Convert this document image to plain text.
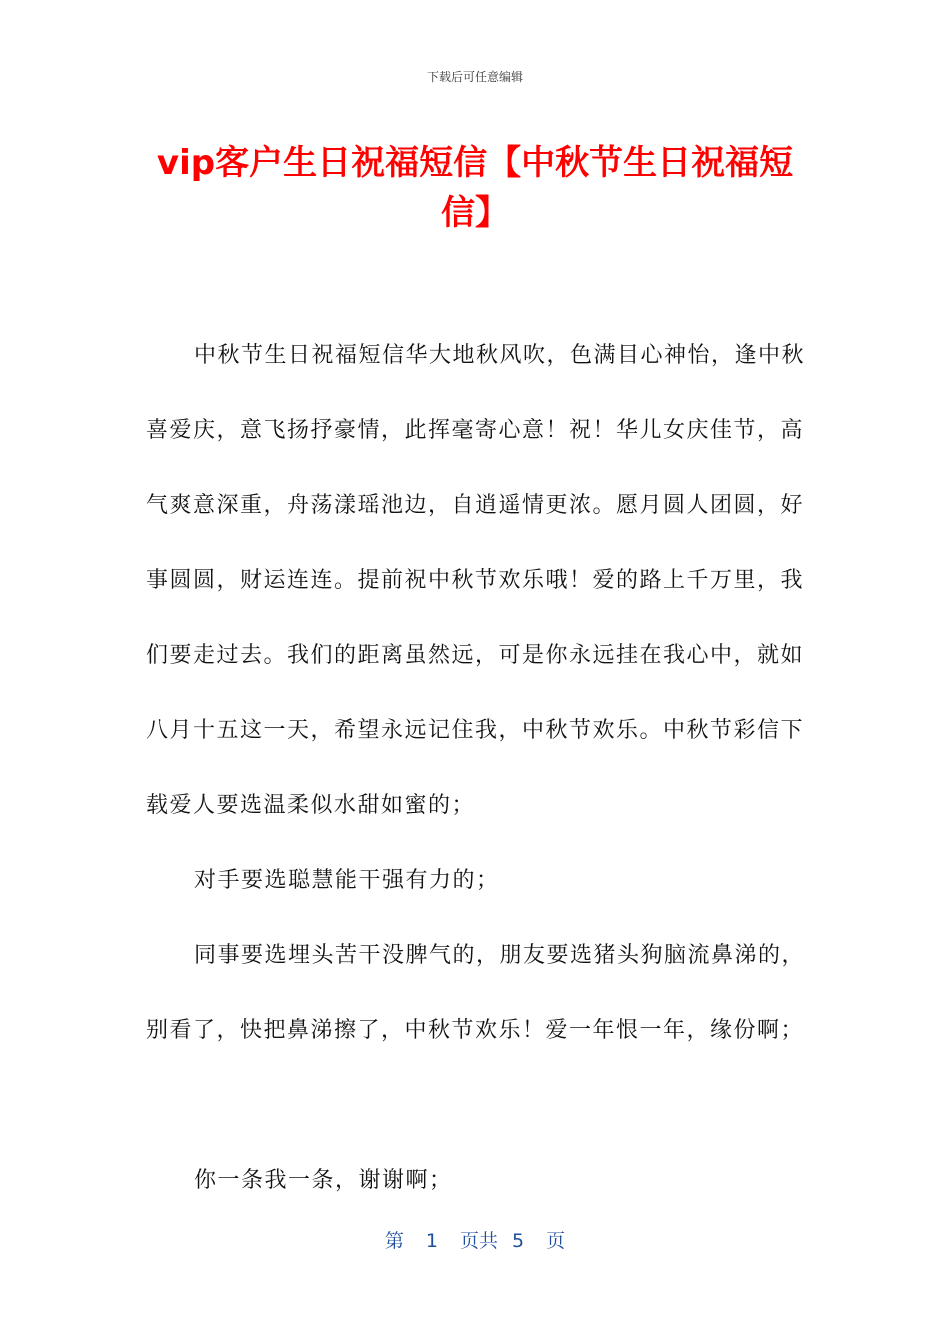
下载后可任意编辑
vip客户生日祝福短信【中秋节生日祝福短信】

中秋节生日祝福短信华大地秋风吹，色满目心神怡，逢中秋喜爱庆，意飞扬抒豪情，此挥毫寄心意！祝！华儿女庆佳节，高气爽意深重，舟荡漾瑶池边，自逍遥情更浓。愿月圆人团圆，好事圆圆，财运连连。提前祝中秋节欢乐哦！爱的路上千万里，我们要走过去。我们的距离虽然远，可是你永远挂在我心中，就如八月十五这一天，希望永远记住我，中秋节欢乐。中秋节彩信下载爱人要选温柔似水甜如蜜的；

对手要选聪慧能干强有力的；

同事要选埋头苦干没脾气的，朋友要选猪头狗脑流鼻涕的，别看了，快把鼻涕擦了，中秋节欢乐！爱一年恨一年，缘份啊；

你一条我一条，谢谢啊；

第 1 页共 5 页
